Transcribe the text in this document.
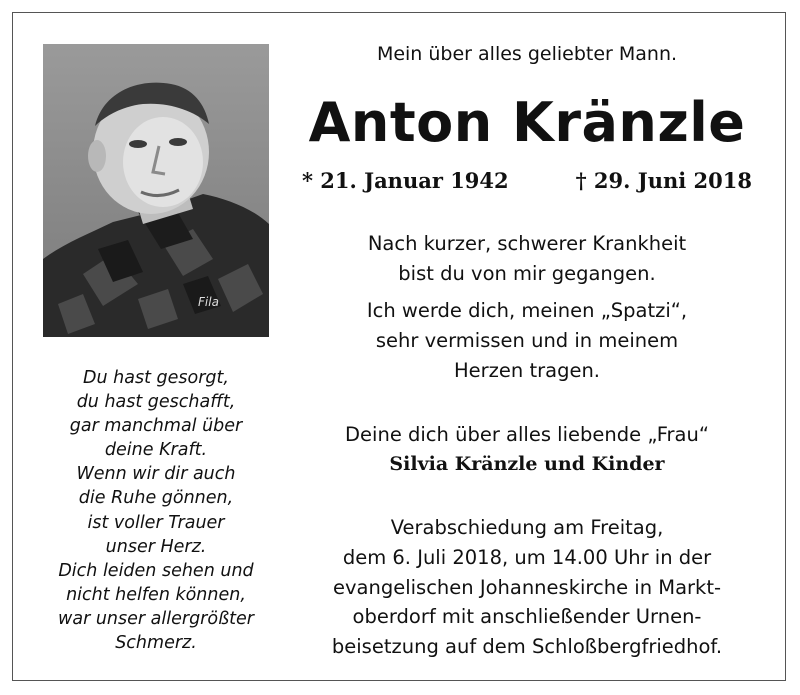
Fila
Du hast gesorgt,
du hast geschafft,
gar manchmal über
deine Kraft.
Wenn wir dir auch
die Ruhe gönnen,
ist voller Trauer
unser Herz.
Dich leiden sehen und
nicht helfen können,
war unser allergrößter
Schmerz.
Mein über alles geliebter Mann.
Anton Kränzle
* 21. Januar 1942	† 29. Juni 2018
Nach kurzer, schwerer Krankheit
bist du von mir gegangen.
Ich werde dich, meinen „Spatzi“,
sehr vermissen und in meinem
Herzen tragen.
Deine dich über alles liebende „Frau“
Silvia Kränzle und Kinder
Verabschiedung am Freitag,
dem 6. Juli 2018, um 14.00 Uhr in der
evangelischen Johanneskirche in Markt-
oberdorf mit anschließender Urnen-
beisetzung auf dem Schloßbergfriedhof.
